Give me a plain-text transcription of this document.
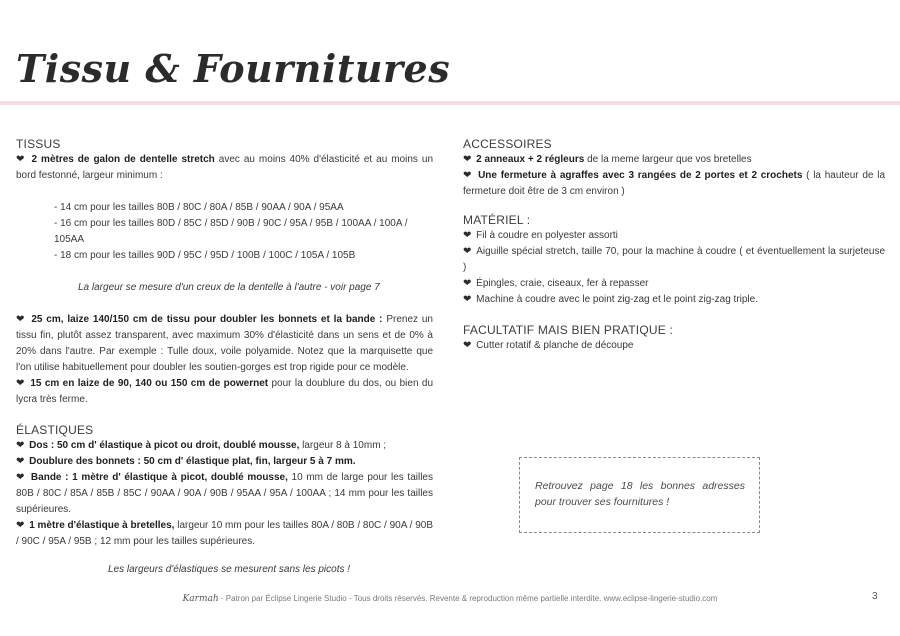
Tissu & Fournitures
TISSUS

❤ 2 mètres de galon de dentelle stretch avec au moins 40% d'élasticité et au moins un bord festonné, largeur minimum :

- 14 cm pour les tailles 80B / 80C / 80A / 85B / 90AA / 90A / 95AA

- 16 cm pour les tailles 80D / 85C / 85D / 90B / 90C / 95A / 95B / 100AA / 100A / 105AA

- 18 cm pour les tailles 90D / 95C / 95D / 100B / 100C / 105A / 105B

La largeur se mesure d'un creux de la dentelle à l'autre - voir page 7

❤ 25 cm, laize 140/150 cm de tissu pour doubler les bonnets et la bande : Prenez un tissu fin, plutôt assez transparent, avec maximum 30% d'élasticité dans un sens et de 0% à 20% dans l'autre. Par exemple : Tulle doux, voile polyamide. Notez que la marquisette que l'on utilise habituellement pour doubler les soutien-gorges est trop rigide pour ce modèle.

❤ 15 cm en laize de 90, 140 ou 150 cm de powernet pour la doublure du dos, ou bien du lycra très ferme.

ÉLASTIQUES

❤ Dos : 50 cm d' élastique à picot ou droit, doublé mousse, largeur 8 à 10mm ;

❤ Doublure des bonnets : 50 cm d' élastique plat, fin, largeur 5 à 7 mm.

❤ Bande : 1 mètre d' élastique à picot, doublé mousse, 10 mm de large pour les tailles 80B / 80C / 85A / 85B / 85C / 90AA / 90A / 90B / 95AA / 95A / 100AA ; 14 mm pour les tailles supérieures.

❤ 1 mètre d'élastique à bretelles, largeur 10 mm pour les tailles 80A / 80B / 80C / 90A / 90B / 90C / 95A / 95B ; 12 mm pour les tailles supérieures.

Les largeurs d'élastiques se mesurent sans les picots !

ACCESSOIRES

❤ 2 anneaux + 2 régleurs de la meme largeur que vos bretelles

❤ Une fermeture à agraffes avec 3 rangées de 2 portes et 2 crochets ( la hauteur de la fermeture doit être de 3 cm environ )

MATÉRIEL :

❤ Fil à coudre en polyester assorti

❤ Aiguille spécial stretch, taille 70, pour la machine à coudre ( et éventuellement la surjeteuse )

❤ Épingles, craie, ciseaux, fer à repasser

❤ Machine à coudre avec le point zig-zag et le point zig-zag triple.

FACULTATIF MAIS BIEN PRATIQUE :

❤ Cutter rotatif & planche de découpe

Retrouvez page 18 les bonnes adresses pour trouver ses fournitures !
Karmah - Patron par Éclipse Lingerie Studio - Tous droits réservés. Revente & reproduction même partielle interdite. www.eclipse-lingerie-studio.com	3
